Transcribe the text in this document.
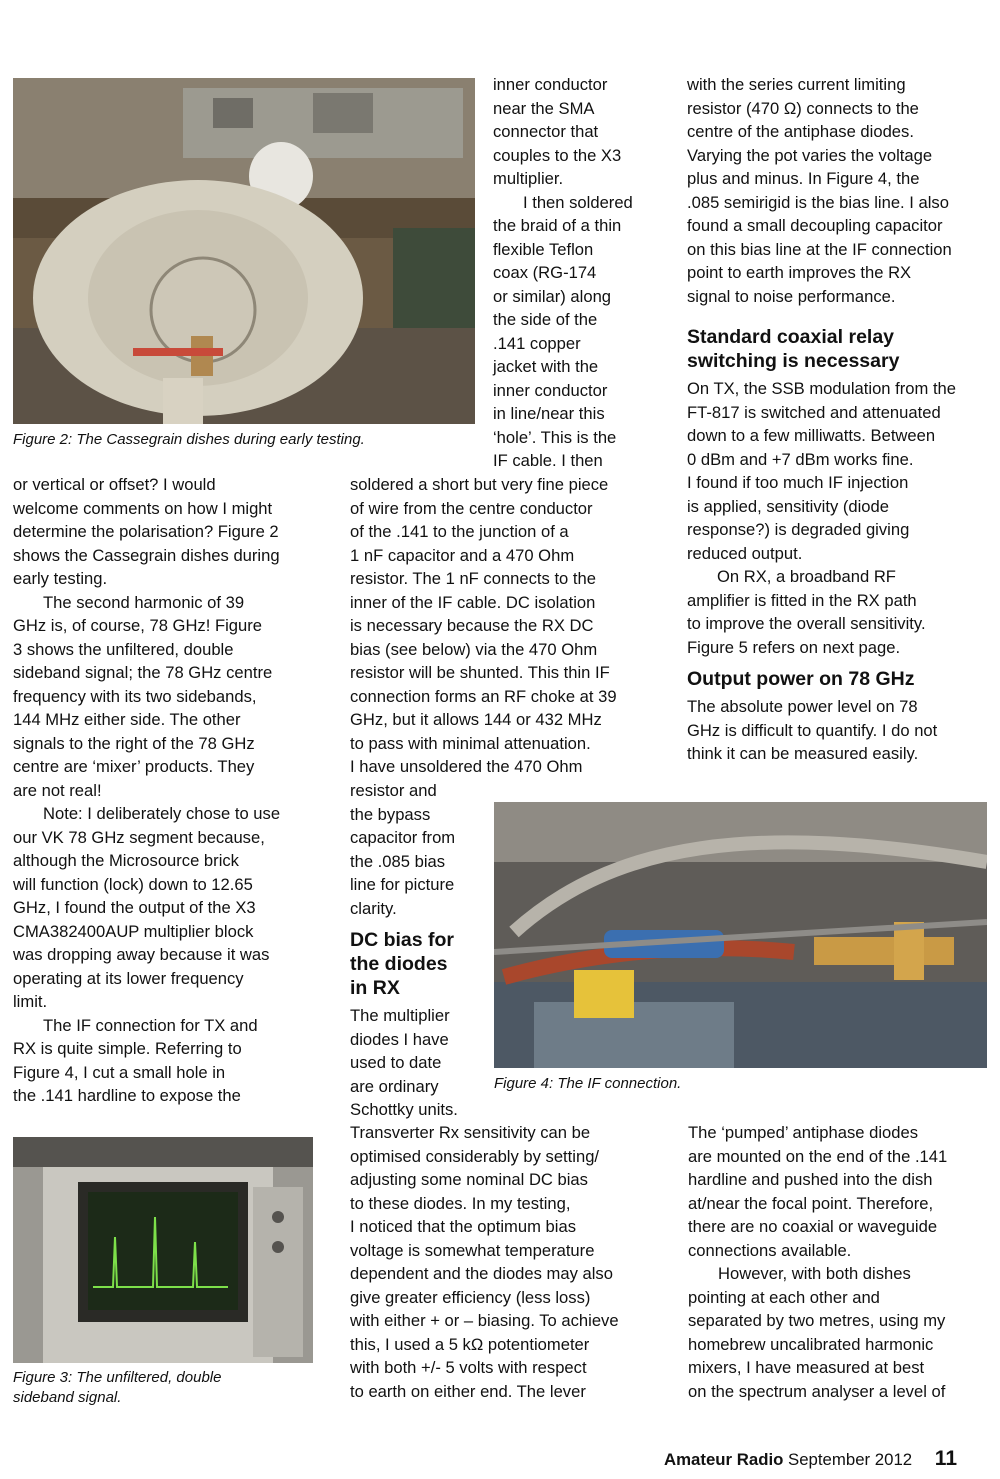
Figure 2: The Cassegrain dishes during early testing.

inner conductor

near the SMA

connector that

couples to the X3

multiplier.

I then soldered

the braid of a thin

flexible Teflon

coax (RG-174

or similar) along

the side of the

.141 copper

jacket with the

inner conductor

in line/near this

‘hole’. This is the

IF cable. I then

with the series current limiting

resistor (470 Ω) connects to the

centre of the antiphase diodes.

Varying the pot varies the voltage

plus and minus. In Figure 4, the

.085 semirigid is the bias line. I also

found a small decoupling capacitor

on this bias line at the IF connection

point to earth improves the RX

signal to noise performance.

Standard coaxial relay

switching is necessary

On TX, the SSB modulation from the

FT-817 is switched and attenuated

down to a few milliwatts. Between

0 dBm and +7 dBm works fine.

I found if too much IF injection

is applied, sensitivity (diode

response?) is degraded giving

reduced output.

On RX, a broadband RF

amplifier is fitted in the RX path

to improve the overall sensitivity.

Figure 5 refers on next page.

Output power on 78 GHz

The absolute power level on 78

GHz is difficult to quantify. I do not

think it can be measured easily.

or vertical or offset? I would

welcome comments on how I might

determine the polarisation? Figure 2

shows the Cassegrain dishes during

early testing.

The second harmonic of 39

GHz is, of course, 78 GHz! Figure

3 shows the unfiltered, double

sideband signal; the 78 GHz centre

frequency with its two sidebands,

144 MHz either side. The other

signals to the right of the 78 GHz

centre are ‘mixer’ products. They

are not real!

Note: I deliberately chose to use

our VK 78 GHz segment because,

although the Microsource brick

will function (lock) down to 12.65

GHz, I found the output of the X3

CMA382400AUP multiplier block

was dropping away because it was

operating at its lower frequency

limit.

The IF connection for TX and

RX is quite simple. Referring to

Figure 4, I cut a small hole in

the .141 hardline to expose the

soldered a short but very fine piece

of wire from the centre conductor

of the .141 to the junction of a

1 nF capacitor and a 470 Ohm

resistor. The 1 nF connects to the

inner of the IF cable. DC isolation

is necessary because the RX DC

bias (see below) via the 470 Ohm

resistor will be shunted. This thin IF

connection forms an RF choke at 39

GHz, but it allows 144 or 432 MHz

to pass with minimal attenuation.

I have unsoldered the 470 Ohm

resistor and

the bypass

capacitor from

the .085 bias

line for picture

clarity.

DC bias for

the diodes

in RX

The multiplier

diodes I have

used to date

are ordinary

Schottky units.

Figure 4: The IF connection.
Figure 3: The unfiltered, double
sideband signal.

Transverter Rx sensitivity can be

optimised considerably by setting/

adjusting some nominal DC bias

to these diodes. In my testing,

I noticed that the optimum bias

voltage is somewhat temperature

dependent and the diodes may also

give greater efficiency (less loss)

with either + or – biasing. To achieve

this, I used a 5 kΩ potentiometer

with both +/- 5 volts with respect

to earth on either end. The lever

The ‘pumped’ antiphase diodes

are mounted on the end of the .141

hardline and pushed into the dish

at/near the focal point. Therefore,

there are no coaxial or waveguide

connections available.

However, with both dishes

pointing at each other and

separated by two metres, using my

homebrew uncalibrated harmonic

mixers, I have measured at best

on the spectrum analyser a level of

Amateur Radio September 2012 11
